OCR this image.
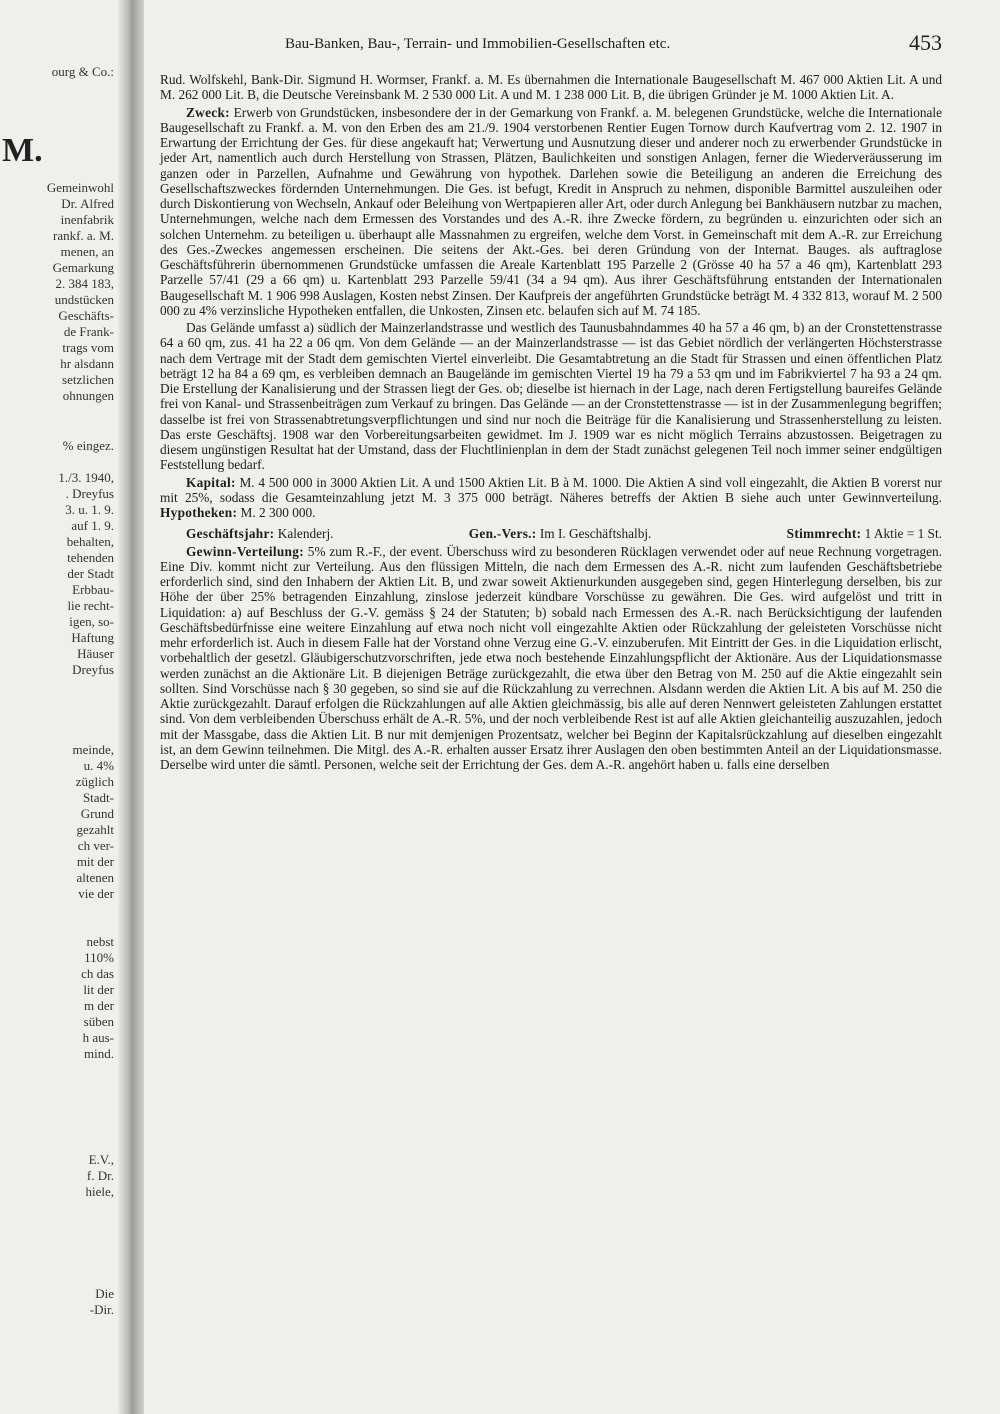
ourg & Co.:
M.
Gemeinwohl
Dr. Alfred
inenfabrik
rankf. a. M.
menen, an
Gemarkung
2. 384 183,
undstücken
Geschäfts-
de Frank-
trags vom
hr alsdann
setzlichen
ohnungen
% eingez.
1./3. 1940,
. Dreyfus
3. u. 1. 9.
auf 1. 9.
behalten,
tehenden
der Stadt
Erbbau-
lie recht-
igen, so-
Haftung
Häuser
Dreyfus
meinde,
u. 4%
züglich
Stadt-
Grund
gezahlt
ch ver-
mit der
altenen
vie der
nebst
110%
ch das
lit der
m der
süben
h aus-
mind.
E.V.,
f. Dr.
hiele,
Die
-Dir.
Bau-Banken, Bau-, Terrain- und Immobilien-Gesellschaften etc.	453

Rud. Wolfskehl, Bank-Dir. Sigmund H. Wormser, Frankf. a. M. Es übernahmen die Internationale Baugesellschaft M. 467 000 Aktien Lit. A und M. 262 000 Lit. B, die Deutsche Vereinsbank M. 2 530 000 Lit. A und M. 1 238 000 Lit. B, die übrigen Gründer je M. 1000 Aktien Lit. A.

Zweck: Erwerb von Grundstücken, insbesondere der in der Gemarkung von Frankf. a. M. belegenen Grundstücke, welche die Internationale Baugesellschaft zu Frankf. a. M. von den Erben des am 21./9. 1904 verstorbenen Rentier Eugen Tornow durch Kaufvertrag vom 2. 12. 1907 in Erwartung der Errichtung der Ges. für diese angekauft hat; Verwertung und Ausnutzung dieser und anderer noch zu erwerbender Grundstücke in jeder Art, namentlich auch durch Herstellung von Strassen, Plätzen, Baulichkeiten und sonstigen Anlagen, ferner die Wiederveräusserung im ganzen oder in Parzellen, Aufnahme und Gewährung von hypothek. Darlehen sowie die Beteiligung an anderen die Erreichung des Gesellschaftszweckes fördernden Unternehmungen. Die Ges. ist befugt, Kredit in Anspruch zu nehmen, disponible Barmittel auszuleihen oder durch Diskontierung von Wechseln, Ankauf oder Beleihung von Wertpapieren aller Art, oder durch Anlegung bei Bankhäusern nutzbar zu machen, Unternehmungen, welche nach dem Ermessen des Vorstandes und des A.-R. ihre Zwecke fördern, zu begründen u. einzurichten oder sich an solchen Unternehm. zu beteiligen u. überhaupt alle Massnahmen zu ergreifen, welche dem Vorst. in Gemeinschaft mit dem A.-R. zur Erreichung des Ges.-Zweckes angemessen erscheinen. Die seitens der Akt.-Ges. bei deren Gründung von der Internat. Bauges. als auftraglose Geschäftsführerin übernommenen Grundstücke umfassen die Areale Kartenblatt 195 Parzelle 2 (Grösse 40 ha 57 a 46 qm), Kartenblatt 293 Parzelle 57/41 (29 a 66 qm) u. Kartenblatt 293 Parzelle 59/41 (34 a 94 qm). Aus ihrer Geschäftsführung entstanden der Internationalen Baugesellschaft M. 1 906 998 Auslagen, Kosten nebst Zinsen. Der Kaufpreis der angeführten Grundstücke beträgt M. 4 332 813, worauf M. 2 500 000 zu 4% verzinsliche Hypotheken entfallen, die Unkosten, Zinsen etc. belaufen sich auf M. 74 185.

Das Gelände umfasst a) südlich der Mainzerlandstrasse und westlich des Taunusbahndammes 40 ha 57 a 46 qm, b) an der Cronstettenstrasse 64 a 60 qm, zus. 41 ha 22 a 06 qm. Von dem Gelände — an der Mainzerlandstrasse — ist das Gebiet nördlich der verlängerten Höchsterstrasse nach dem Vertrage mit der Stadt dem gemischten Viertel einverleibt. Die Gesamtabtretung an die Stadt für Strassen und einen öffentlichen Platz beträgt 12 ha 84 a 69 qm, es verbleiben demnach an Baugelände im gemischten Viertel 19 ha 79 a 53 qm und im Fabrikviertel 7 ha 93 a 24 qm. Die Erstellung der Kanalisierung und der Strassen liegt der Ges. ob; dieselbe ist hiernach in der Lage, nach deren Fertigstellung baureifes Gelände frei von Kanal- und Strassenbeiträgen zum Verkauf zu bringen. Das Gelände — an der Cronstettenstrasse — ist in der Zusammenlegung begriffen; dasselbe ist frei von Strassenabtretungsverpflichtungen und sind nur noch die Beiträge für die Kanalisierung und Strassenherstellung zu leisten. Das erste Geschäftsj. 1908 war den Vorbereitungsarbeiten gewidmet. Im J. 1909 war es nicht möglich Terrains abzustossen. Beigetragen zu diesem ungünstigen Resultat hat der Umstand, dass der Fluchtlinienplan in dem der Stadt zunächst gelegenen Teil noch immer seiner endgültigen Feststellung bedarf.

Kapital: M. 4 500 000 in 3000 Aktien Lit. A und 1500 Aktien Lit. B à M. 1000. Die Aktien A sind voll eingezahlt, die Aktien B vorerst nur mit 25%, sodass die Gesamteinzahlung jetzt M. 3 375 000 beträgt. Näheres betreffs der Aktien B siehe auch unter Gewinnverteilung. Hypotheken: M. 2 300 000.

Geschäftsjahr: Kalenderj.	Gen.-Vers.: Im I. Geschäftshalbj.	Stimmrecht: 1 Aktie = 1 St.

Gewinn-Verteilung: 5% zum R.-F., der event. Überschuss wird zu besonderen Rücklagen verwendet oder auf neue Rechnung vorgetragen. Eine Div. kommt nicht zur Verteilung. Aus den flüssigen Mitteln, die nach dem Ermessen des A.-R. nicht zum laufenden Geschäftsbetriebe erforderlich sind, sind den Inhabern der Aktien Lit. B, und zwar soweit Aktienurkunden ausgegeben sind, gegen Hinterlegung derselben, bis zur Höhe der über 25% betragenden Einzahlung, zinslose jederzeit kündbare Vorschüsse zu gewähren. Die Ges. wird aufgelöst und tritt in Liquidation: a) auf Beschluss der G.-V. gemäss § 24 der Statuten; b) sobald nach Ermessen des A.-R. nach Berücksichtigung der laufenden Geschäftsbedürfnisse eine weitere Einzahlung auf etwa noch nicht voll eingezahlte Aktien oder Rückzahlung der geleisteten Vorschüsse nicht mehr erforderlich ist. Auch in diesem Falle hat der Vorstand ohne Verzug eine G.-V. einzuberufen. Mit Eintritt der Ges. in die Liquidation erlischt, vorbehaltlich der gesetzl. Gläubigerschutzvorschriften, jede etwa noch bestehende Einzahlungspflicht der Aktionäre. Aus der Liquidationsmasse werden zunächst an die Aktionäre Lit. B diejenigen Beträge zurückgezahlt, die etwa über den Betrag von M. 250 auf die Aktie eingezahlt sein sollten. Sind Vorschüsse nach § 30 gegeben, so sind sie auf die Rückzahlung zu verrechnen. Alsdann werden die Aktien Lit. A bis auf M. 250 die Aktie zurückgezahlt. Darauf erfolgen die Rückzahlungen auf alle Aktien gleichmässig, bis alle auf deren Nennwert geleisteten Zahlungen erstattet sind. Von dem verbleibenden Überschuss erhält de A.-R. 5%, und der noch verbleibende Rest ist auf alle Aktien gleichanteilig auszuzahlen, jedoch mit der Massgabe, dass die Aktien Lit. B nur mit demjenigen Prozentsatz, welcher bei Beginn der Kapitalsrückzahlung auf dieselben eingezahlt ist, an dem Gewinn teilnehmen. Die Mitgl. des A.-R. erhalten ausser Ersatz ihrer Auslagen den oben bestimmten Anteil an der Liquidationsmasse. Derselbe wird unter die sämtl. Personen, welche seit der Errichtung der Ges. dem A.-R. angehört haben u. falls eine derselben
